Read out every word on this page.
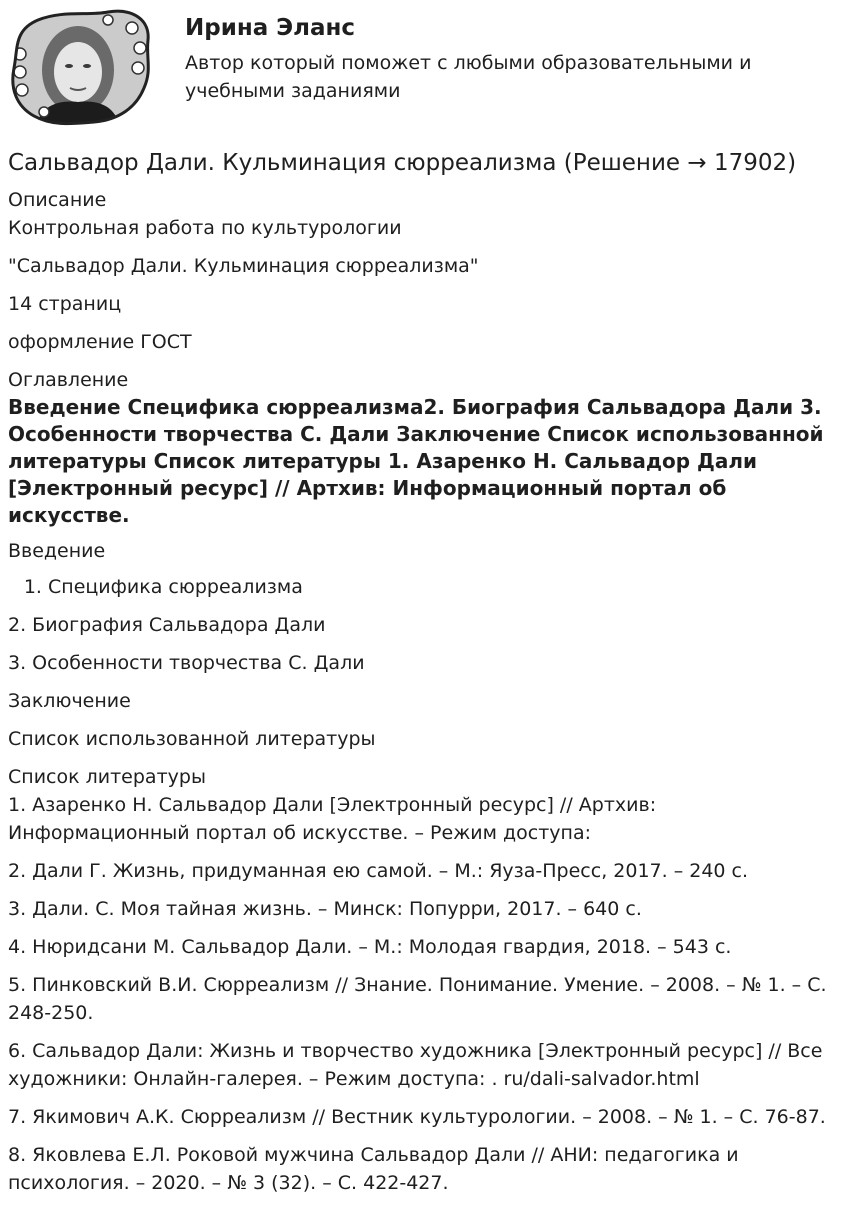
Ирина Эланс

Автор который поможет с любыми образовательными и учебными заданиями

Сальвадор Дали. Кульминация сюрреализма (Решение → 17902)

Описание

Контрольная работа по культурологии

"Сальвадор Дали. Кульминация сюрреализма"

14 страниц

оформление ГОСТ

Оглавление

Введение Специфика сюрреализма2. Биография Сальвадора Дали 3. Особенности творчества С. Дали Заключение Список использованной литературы Список литературы 1. Азаренко Н. Сальвадор Дали [Электронный ресурс] // Артхив: Информационный портал об искусстве.

Введение

1. Специфика сюрреализма

2. Биография Сальвадора Дали

3. Особенности творчества С. Дали

Заключение

Список использованной литературы

Список литературы

1. Азаренко Н. Сальвадор Дали [Электронный ресурс] // Артхив: Информационный портал об искусстве. – Режим доступа:

2. Дали Г. Жизнь, придуманная ею самой. – М.: Яуза-Пресс, 2017. – 240 с.

3. Дали. С. Моя тайная жизнь. – Минск: Попурри, 2017. – 640 с.

4. Нюридсани М. Сальвадор Дали. – М.: Молодая гвардия, 2018. – 543 с.

5. Пинковский В.И. Сюрреализм // Знание. Понимание. Умение. – 2008. – № 1. – С. 248-250.

6. Сальвадор Дали: Жизнь и творчество художника [Электронный ресурс] // Все художники: Онлайн-галерея. – Режим доступа: . ru/dali-salvador.html

7. Якимович А.К. Сюрреализм // Вестник культурологии. – 2008. – № 1. – С. 76-87.

8. Яковлева Е.Л. Роковой мужчина Сальвадор Дали // АНИ: педагогика и психология. – 2020. – № 3 (32). – С. 422-427.
